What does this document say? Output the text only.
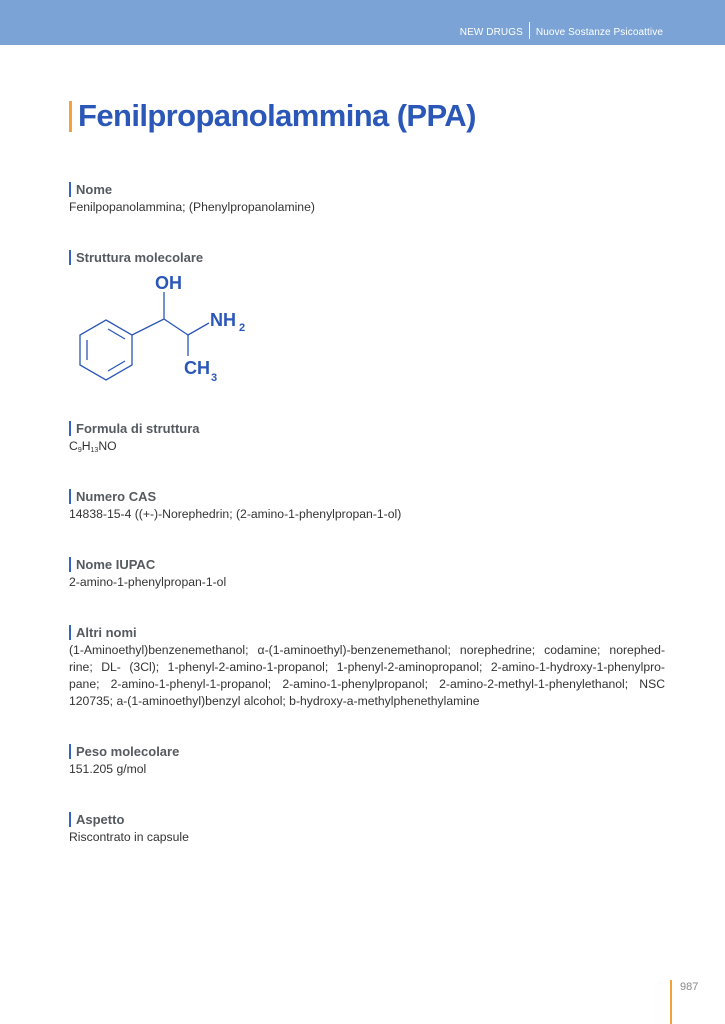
NEW DRUGS Nuove Sostanze Psicoattive
Fenilpropanolammina (PPA)
Nome
Fenilpopanolammina; (Phenylpropanolamine)
Struttura molecolare
OH
NH 2
CH 3
Formula di struttura
$C_9H_{13}NO$
Numero CAS
14838-15-4 ((+-)-Norephedrin; (2-amino-1-phenylpropan-1-ol)
Nome IUPAC
2-amino-1-phenylpropan-1-ol
Altri nomi
(1-Aminoethyl)benzenemethanol; α-(1-aminoethyl)-benzenemethanol; norephedrine; codamine; norephed-rine; DL- (3Cl); 1-phenyl-2-amino-1-propanol; 1-phenyl-2-aminopropanol; 2-amino-1-hydroxy-1-phenylpro-pane; 2-amino-1-phenyl-1-propanol; 2-amino-1-phenylpropanol; 2-amino-2-methyl-1-phenylethanol; NSC 120735; a-(1-aminoethyl)benzyl alcohol; b-hydroxy-a-methylphenethylamine
Peso molecolare
151.205 g/mol
Aspetto
Riscontrato in capsule
987
